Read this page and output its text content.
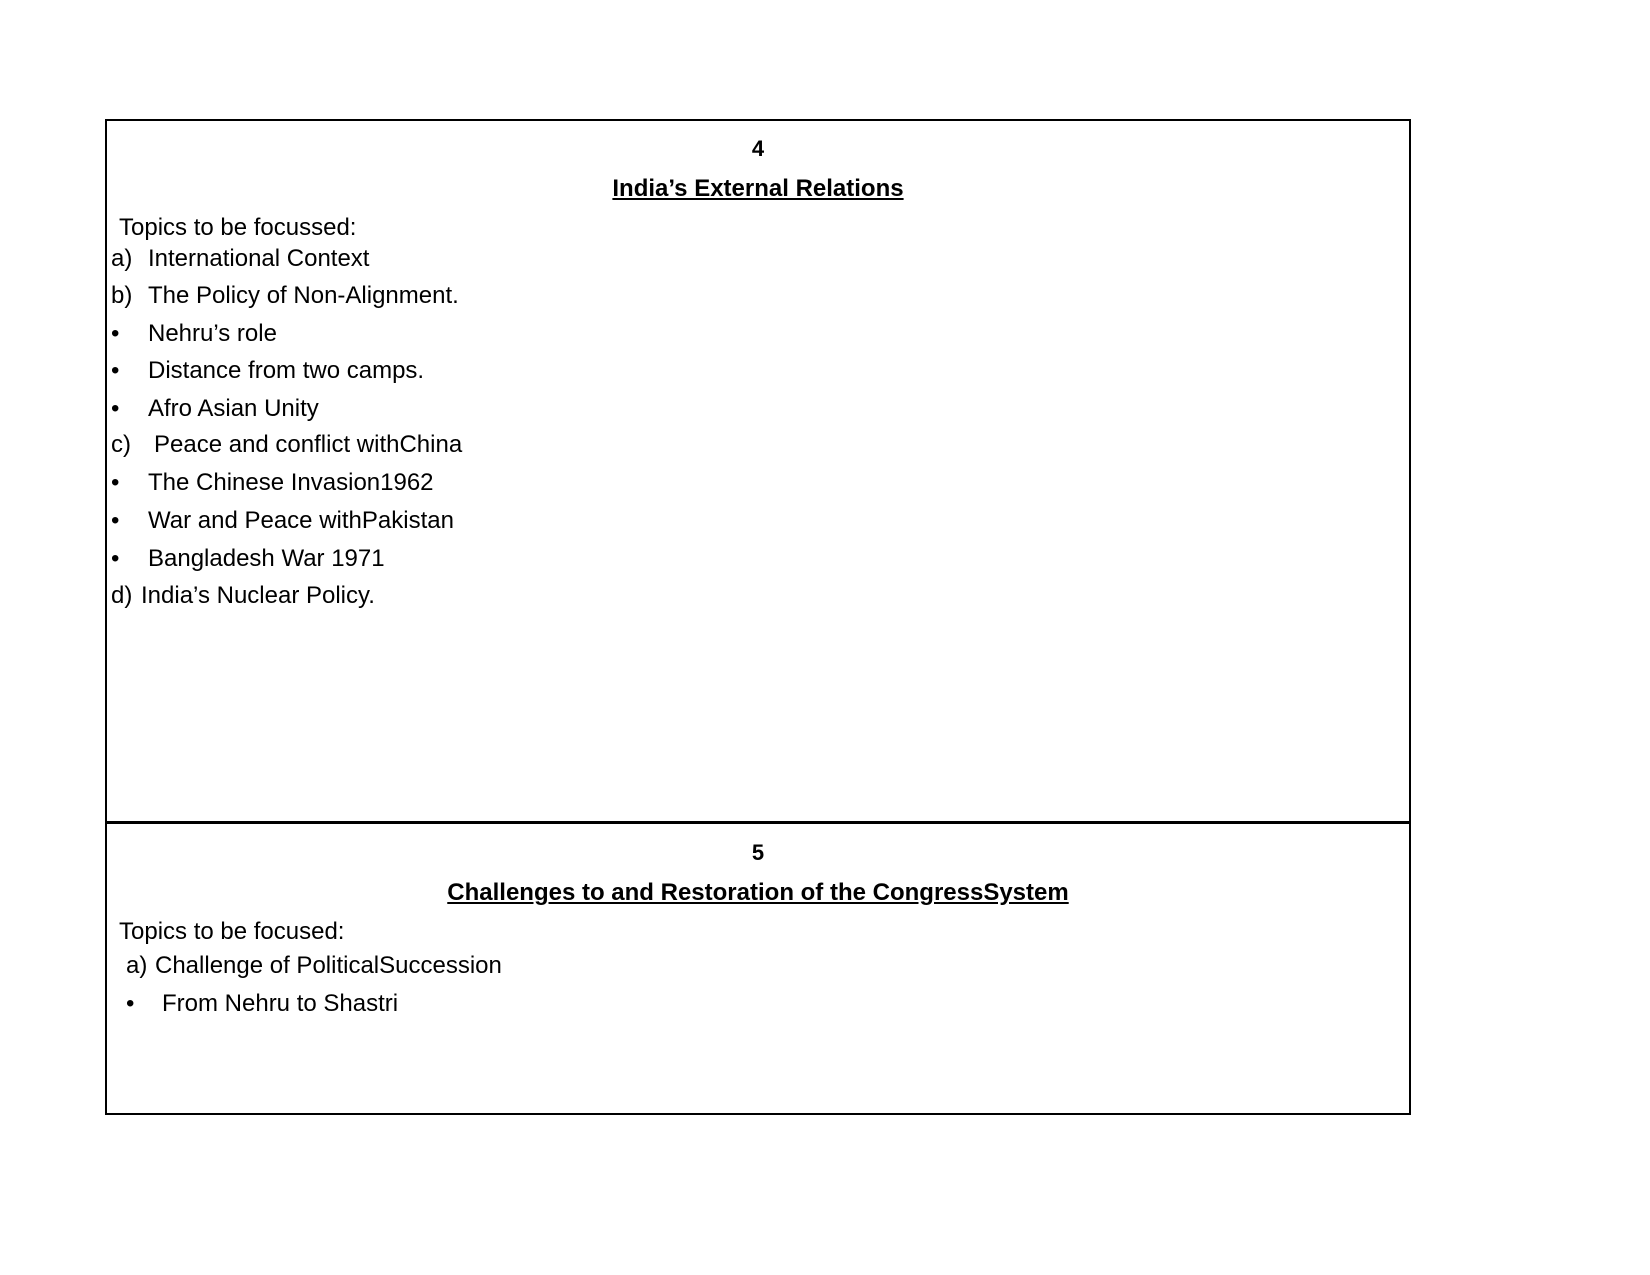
4
India’s External Relations
Topics to be focussed:

a)

International Context

b)

The Policy of Non-Alignment.

•

Nehru’s role

•

Distance from two camps.

•

Afro Asian Unity

c)

Peace and conflict withChina

•

The Chinese Invasion1962

•

War and Peace withPakistan

•

Bangladesh War 1971

d)

India’s Nuclear Policy.

5
Challenges to and Restoration of the CongressSystem
Topics to be focused:

a)

Challenge of PoliticalSuccession

•

From Nehru to Shastri
